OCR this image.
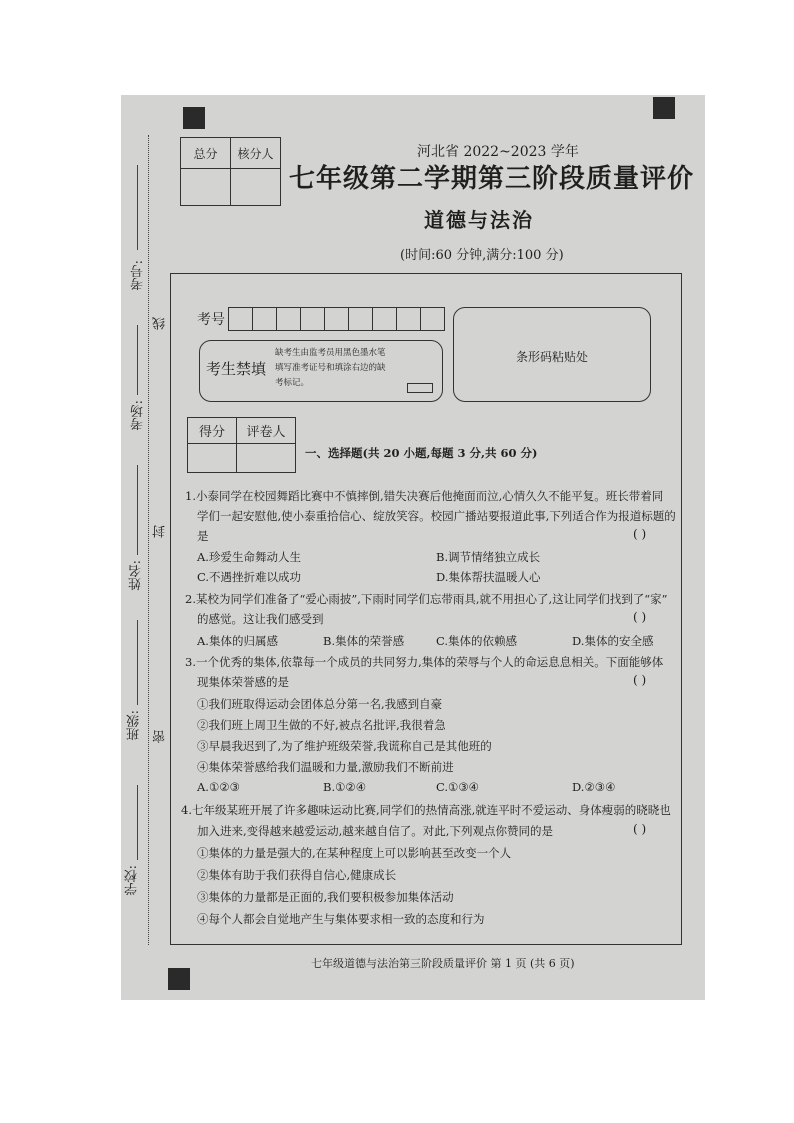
考号:
考场:
姓名:
班级:
学校:
线
封
密
总分	核分人
		河北省 2022~2023 学年
七年级第二学期第三阶段质量评价
道德与法治
(时间:60 分钟,满分:100 分)
考号
考生禁填
缺考生由监考员用黑色墨水笔
填写准考证号和填涂右边的缺
考标记。
条形码粘贴处
得分	评卷人

一、选择题(共 20 小题,每题 3 分,共 60 分)
1.小泰同学在校园舞蹈比赛中不慎摔倒,错失决赛后他掩面而泣,心情久久不能平复。班长带着同
学们一起安慰他,使小泰重拾信心、绽放笑容。校园广播站要报道此事,下列适合作为报道标题的
是	( )
A.珍爱生命舞动人生	B.调节情绪独立成长
C.不遇挫折难以成功	D.集体帮扶温暖人心
2.某校为同学们准备了“爱心雨披”,下雨时同学们忘带雨具,就不用担心了,这让同学们找到了“家”
的感觉。这让我们感受到	( )
A.集体的归属感	B.集体的荣誉感	C.集体的依赖感	D.集体的安全感
3.一个优秀的集体,依靠每一个成员的共同努力,集体的荣辱与个人的命运息息相关。下面能够体
现集体荣誉感的是	( )
①我们班取得运动会团体总分第一名,我感到自豪
②我们班上周卫生做的不好,被点名批评,我很着急
③早晨我迟到了,为了维护班级荣誉,我谎称自己是其他班的
④集体荣誉感给我们温暖和力量,激励我们不断前进
A.①②③	B.①②④	C.①③④	D.②③④
4.七年级某班开展了许多趣味运动比赛,同学们的热情高涨,就连平时不爱运动、身体瘦弱的晓晓也
加入进来,变得越来越爱运动,越来越自信了。对此,下列观点你赞同的是	( )
①集体的力量是强大的,在某种程度上可以影响甚至改变一个人
②集体有助于我们获得自信心,健康成长
③集体的力量都是正面的,我们要积极参加集体活动
④每个人都会自觉地产生与集体要求相一致的态度和行为
七年级道德与法治第三阶段质量评价 第 1 页 (共 6 页)
